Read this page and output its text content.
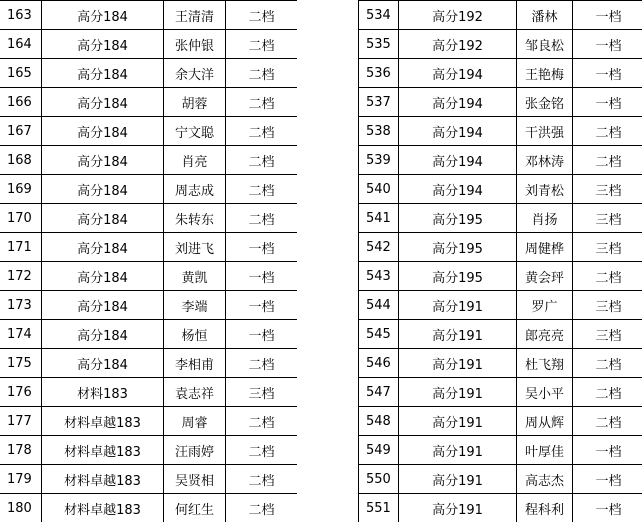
163	高分184	王清清	二档
164	高分184	张仲银	二档
165	高分184	余大洋	二档
166	高分184	胡蓉	二档
167	高分184	宁文聪	二档
168	高分184	肖亮	二档
169	高分184	周志成	二档
170	高分184	朱转东	二档
171	高分184	刘进飞	一档
172	高分184	黄凯	一档
173	高分184	李端	一档
174	高分184	杨恒	一档
175	高分184	李相甫	二档
176	材料183	袁志祥	三档
177	材料卓越183	周睿	二档
178	材料卓越183	汪雨婷	二档
179	材料卓越183	吴贤相	二档
180	材料卓越183	何红生	二档
534	高分192	潘林	一档
535	高分192	邹良松	一档
536	高分194	王艳梅	一档
537	高分194	张金铭	一档
538	高分194	干洪强	二档
539	高分194	邓林涛	二档
540	高分194	刘青松	三档
541	高分195	肖扬	三档
542	高分195	周健桦	三档
543	高分195	黄会玶	二档
544	高分191	罗广	三档
545	高分191	郎亮亮	三档
546	高分191	杜飞翔	二档
547	高分191	吴小平	二档
548	高分191	周从辉	二档
549	高分191	叶厚佳	一档
550	高分191	高志杰	一档
551	高分191	程科利	一档
